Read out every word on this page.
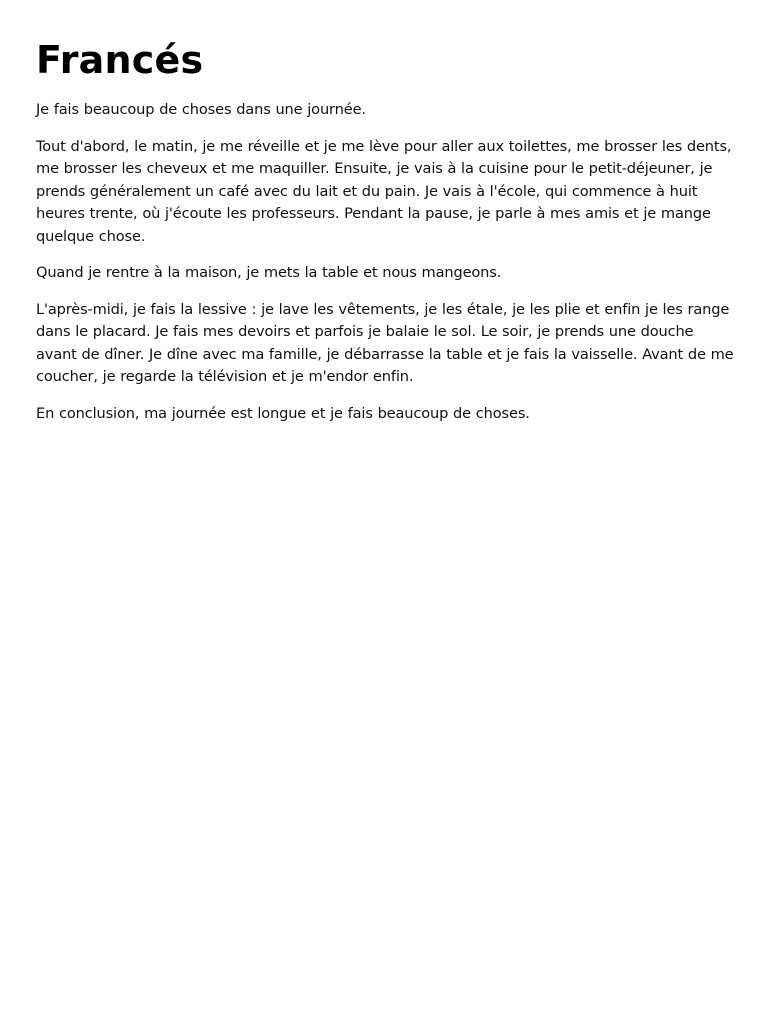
Francés

Je fais beaucoup de choses dans une journée.

Tout d'abord, le matin, je me réveille et je me lève pour aller aux toilettes, me brosser les dents, me brosser les cheveux et me maquiller. Ensuite, je vais à la cuisine pour le petit-déjeuner, je prends généralement un café avec du lait et du pain. Je vais à l'école, qui commence à huit heures trente, où j'écoute les professeurs. Pendant la pause, je parle à mes amis et je mange quelque chose.

Quand je rentre à la maison, je mets la table et nous mangeons.

L'après-midi, je fais la lessive : je lave les vêtements, je les étale, je les plie et enfin je les range dans le placard. Je fais mes devoirs et parfois je balaie le sol. Le soir, je prends une douche avant de dîner. Je dîne avec ma famille, je débarrasse la table et je fais la vaisselle. Avant de me coucher, je regarde la télévision et je m'endor enfin.

En conclusion, ma journée est longue et je fais beaucoup de choses.
